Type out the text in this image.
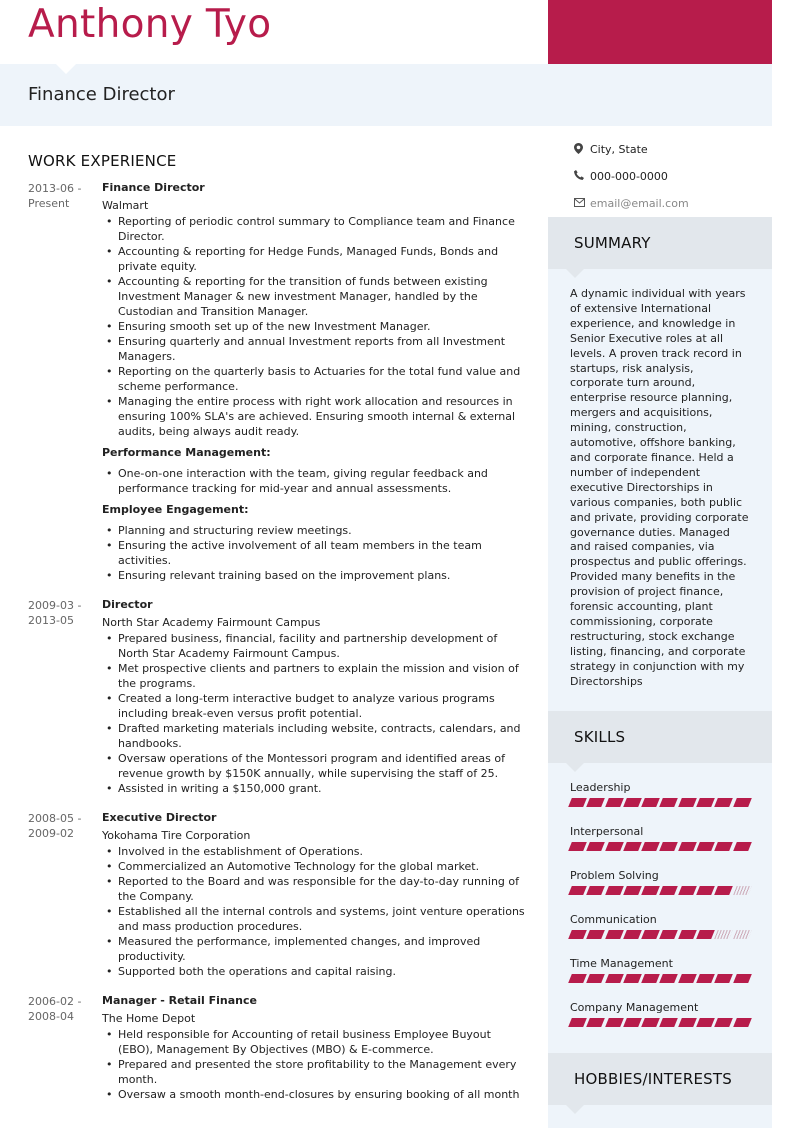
Anthony Tyo
Finance Director
WORK EXPERIENCE
2013-06 - Present
Finance Director
Walmart
• Reporting of periodic control summary to Compliance team and Finance Director.
• Accounting & reporting for Hedge Funds, Managed Funds, Bonds and private equity.
• Accounting & reporting for the transition of funds between existing Investment Manager & new investment Manager, handled by the Custodian and Transition Manager.
• Ensuring smooth set up of the new Investment Manager.
• Ensuring quarterly and annual Investment reports from all Investment Managers.
• Reporting on the quarterly basis to Actuaries for the total fund value and scheme performance.
• Managing the entire process with right work allocation and resources in ensuring 100% SLA's are achieved. Ensuring smooth internal & external audits, being always audit ready.
Performance Management:
• One-on-one interaction with the team, giving regular feedback and performance tracking for mid-year and annual assessments.
Employee Engagement:
• Planning and structuring review meetings.
• Ensuring the active involvement of all team members in the team activities.
• Ensuring relevant training based on the improvement plans.
2009-03 - 2013-05
Director
North Star Academy Fairmount Campus
• Prepared business, financial, facility and partnership development of North Star Academy Fairmount Campus.
• Met prospective clients and partners to explain the mission and vision of the programs.
• Created a long-term interactive budget to analyze various programs including break-even versus profit potential.
• Drafted marketing materials including website, contracts, calendars, and handbooks.
• Oversaw operations of the Montessori program and identified areas of revenue growth by $150K annually, while supervising the staff of 25.
• Assisted in writing a $150,000 grant.
2008-05 - 2009-02
Executive Director
Yokohama Tire Corporation
• Involved in the establishment of Operations.
• Commercialized an Automotive Technology for the global market.
• Reported to the Board and was responsible for the day-to-day running of the Company.
• Established all the internal controls and systems, joint venture operations and mass production procedures.
• Measured the performance, implemented changes, and improved productivity.
• Supported both the operations and capital raising.
2006-02 - 2008-04
Manager - Retail Finance
The Home Depot
• Held responsible for Accounting of retail business Employee Buyout (EBO), Management By Objectives (MBO) & E-commerce.
• Prepared and presented the store profitability to the Management every month.
• Oversaw a smooth month-end-closures by ensuring booking of all month
City, State
000-000-0000
email@email.com
SUMMARY
A dynamic individual with years of extensive International experience, and knowledge in Senior Executive roles at all levels. A proven track record in startups, risk analysis, corporate turn around, enterprise resource planning, mergers and acquisitions, mining, construction, automotive, offshore banking, and corporate finance. Held a number of independent executive Directorships in various companies, both public and private, providing corporate governance duties. Managed and raised companies, via prospectus and public offerings. Provided many benefits in the provision of project finance, forensic accounting, plant commissioning, corporate restructuring, stock exchange listing, financing, and corporate strategy in conjunction with my Directorships
SKILLS
Leadership
Interpersonal
Problem Solving
Communication
Time Management
Company Management
HOBBIES/INTERESTS
